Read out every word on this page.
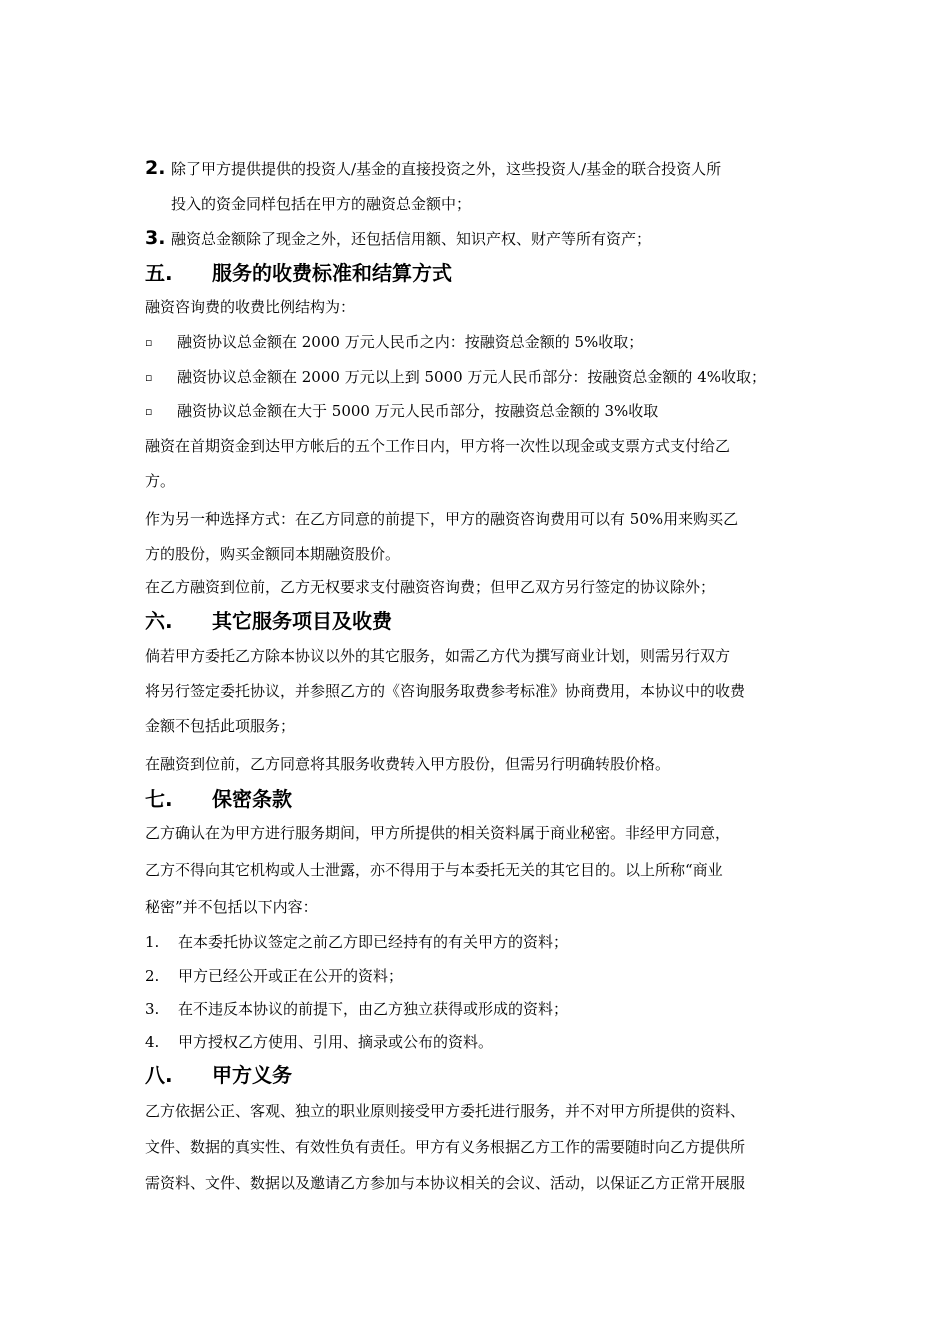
2. 除了甲方提供提供的投资人/基金的直接投资之外，这些投资人/基金的联合投资人所
投入的资金同样包括在甲方的融资总金额中；
3. 融资总金额除了现金之外，还包括信用额、知识产权、财产等所有资产；
五. 服务的收费标准和结算方式
融资咨询费的收费比例结构为：
▫ 融资协议总金额在 2000 万元人民币之内：按融资总金额的 5%收取；
▫ 融资协议总金额在 2000 万元以上到 5000 万元人民币部分：按融资总金额的 4%收取；
▫ 融资协议总金额在大于 5000 万元人民币部分，按融资总金额的 3%收取
融资在首期资金到达甲方帐后的五个工作日内，甲方将一次性以现金或支票方式支付给乙
方。
作为另一种选择方式：在乙方同意的前提下，甲方的融资咨询费用可以有 50%用来购买乙
方的股份，购买金额同本期融资股价。
在乙方融资到位前，乙方无权要求支付融资咨询费；但甲乙双方另行签定的协议除外；
六. 其它服务项目及收费
倘若甲方委托乙方除本协议以外的其它服务，如需乙方代为撰写商业计划，则需另行双方
将另行签定委托协议，并参照乙方的《咨询服务取费参考标准》协商费用，本协议中的收费
金额不包括此项服务；
在融资到位前，乙方同意将其服务收费转入甲方股份，但需另行明确转股价格。
七. 保密条款
乙方确认在为甲方进行服务期间，甲方所提供的相关资料属于商业秘密。非经甲方同意，
乙方不得向其它机构或人士泄露，亦不得用于与本委托无关的其它目的。以上所称“商业
秘密”并不包括以下内容：
1. 在本委托协议签定之前乙方即已经持有的有关甲方的资料；
2. 甲方已经公开或正在公开的资料；
3. 在不违反本协议的前提下，由乙方独立获得或形成的资料；
4. 甲方授权乙方使用、引用、摘录或公布的资料。
八. 甲方义务
乙方依据公正、客观、独立的职业原则接受甲方委托进行服务，并不对甲方所提供的资料、
文件、数据的真实性、有效性负有责任。甲方有义务根据乙方工作的需要随时向乙方提供所
需资料、文件、数据以及邀请乙方参加与本协议相关的会议、活动，以保证乙方正常开展服
